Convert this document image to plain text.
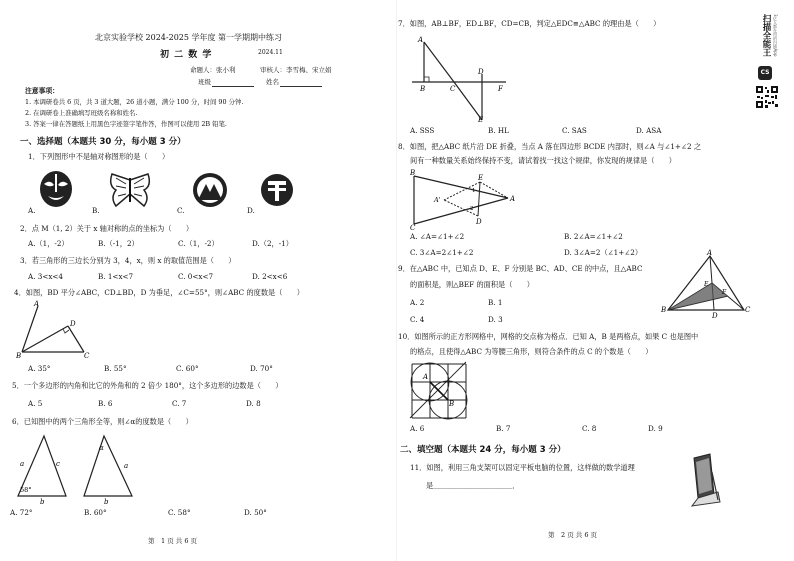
北京实验学校 2024-2025 学年度 第一学期期中练习
初 二 数 学	2024.11
命题人：张小利	审核人：李雪梅、宋立娟
班级	姓名
注意事项：
1. 本调研卷共 6 页，共 3 道大题，26 道小题，满分 100 分，时间 90 分钟.
2. 在调研卷上准确填写班级名称和姓名.
3. 答案一律在答题纸上用黑色字迹签字笔作答，作图可以使用 2B 铅笔.
一、选择题（本题共 30 分，每小题 3 分）
1．下列图形中不是轴对称图形的是（　　）
A.	B.	C.	D.
2．点 M（1, 2）关于 x 轴对称的点的坐标为（　　）
A.（1，-2）	B.（-1，2）	C.（1，-2）	D.（2，-1）
3．若三角形的三边长分别为 3，4，x，则 x 的取值范围是（　　）
A. 3<x<4	B. 1<x<7	C. 0<x<7	D. 2<x<6
4．如图，BD 平分∠ABC，CD⊥BD，D 为垂足，∠C=55°，则∠ABC 的度数是（　　）
A
D
B	C
A. 35°	B. 55°	C. 60°	D. 70°
5．一个多边形的内角和比它的外角和的 2 倍少 180°，这个多边形的边数是（　　）
A. 5	B. 6	C. 7	D. 8
6．已知图中的两个三角形全等，则∠α的度数是（　　）
a	c
58°
b
a
α
b
A. 72°	B. 60°	C. 58°	D. 50°
第　1 页 共 6 页
7．如图，AB⊥BF，ED⊥BF，CD=CB，判定△EDC≌△ABC 的理由是（　　）
A
D
F
B	C
E
A. SSS	B. HL	C. SAS	D. ASA
8．如图，把△ABC 纸片沿 DE 折叠，当点 A 落在四边形 BCDE 内部时，则∠A 与∠1+∠2 之
间有一种数量关系始终保持不变，请试着找一找这个规律，你发现的规律是（　　）
B
E
A'
D
A
C
1
2
A. ∠A=∠1+∠2	B. 2∠A=∠1+∠2
C. 3∠A=2∠1+∠2	D. 3∠A=2（∠1+∠2）
9．在△ABC 中，已知点 D、E、F 分别是 BC、AD、CE 的中点，且△ABC
的面积是，则△BEF 的面积是（　　）
A. 2	B. 1
C. 4	D. 3
A
E
F
B
D
C
10．如图所示的正方形网格中，网格的交点称为格点．已知 A，B 是两格点，如果 C 也是图中
的格点，且使得△ABC 为等腰三角形，则符合条件的点 C 的个数是（　　）
A
B
A. 6	B. 7	C. 8	D. 9
二、填空题（本题共 24 分，每小题 3 分）
11．如图，利用三角支架可以固定平板电脑的位置，这样做的数学道理
是＿＿＿＿＿＿＿＿＿＿＿．
第　2 页 共 6 页
扫描全能王 3亿人都在用的扫描App
CS
